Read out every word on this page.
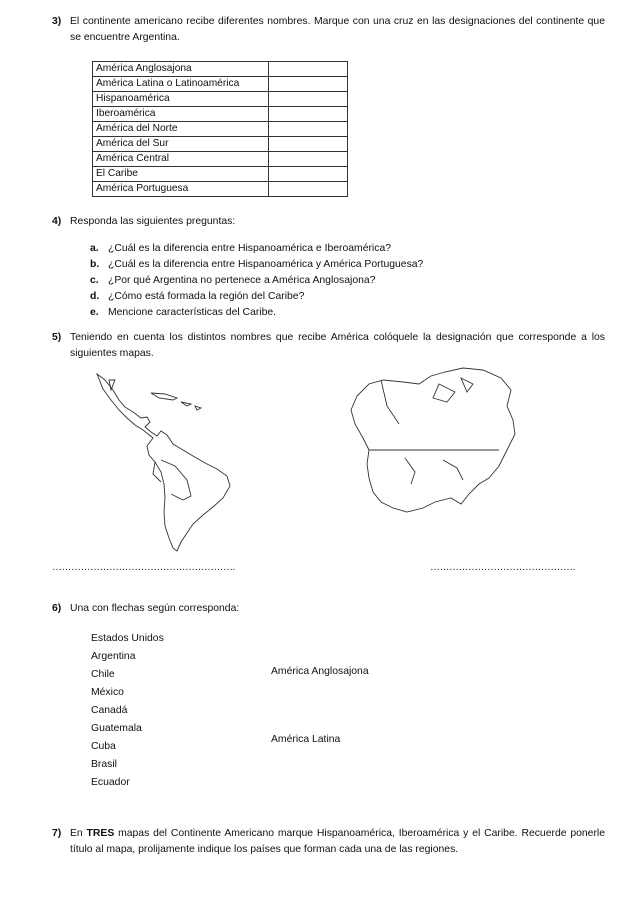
3) El continente americano recibe diferentes nombres. Marque con una cruz en las designaciones del continente que se encuentre Argentina.
América Anglosajona	
América Latina o Latinoamérica	
Hispanoamérica	
Iberoamérica	
América del Norte	
América del Sur	
América Central	
El Caribe	
América Portuguesa	
4) Responda las siguientes preguntas:
a. ¿Cuál es la diferencia entre Hispanoamérica e Iberoamérica?
b. ¿Cuál es la diferencia entre Hispanoamérica y América Portuguesa?
c. ¿Por qué Argentina no pertenece a América Anglosajona?
d. ¿Cómo está formada la región del Caribe?
e. Mencione características del Caribe.
5) Teniendo en cuenta los distintos nombres que recibe América colóquele la designación que corresponde a los siguientes mapas.
………………………………………………….	……………………………………….
6) Una con flechas según corresponda:
Estados Unidos
Argentina
Chile
México
Canadá
Guatemala
Cuba
Brasil
Ecuador
América Anglosajona
América Latina
7) En TRES mapas del Continente Americano marque Hispanoamérica, Iberoamérica y el Caribe. Recuerde ponerle título al mapa, prolijamente indique los países que forman cada una de las regiones.
